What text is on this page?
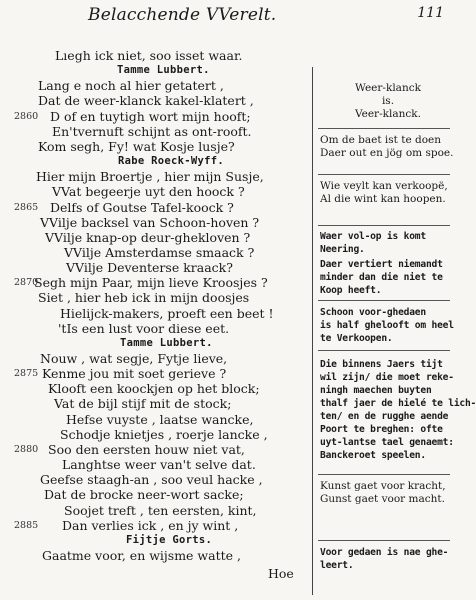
Belacchende VVerelt.	111
Lıegh ick niet, soo isset waar.
Tamme Lubbert.
Lang e noch al hier getatert ,
Dat de weer-klanck kakel-klatert ,
D of en tuytigh wort mijn hooft;
2860
En'tvernuft schijnt as ont-rooft.
Kom segh, Fy! wat Kosje lusje?
Rabe Roeck-Wyff.
Hier mijn Broertje , hier mijn Susje,
VVat begeerje uyt den hoock ?
Delfs of Goutse Tafel-koock ?
2865
VVilje backsel van Schoon-hoven ?
VVilje knap-op deur-ghekloven ?
VVilje Amsterdamse smaack ?
VVilje Deventerse kraack?
Segh mijn Paar, mijn lieve Kroosjes ?
2870
Siet , hier heb ick in mijn doosjes
Hielijck-makers, proeft een beet !
'tIs een lust voor diese eet.
Tamme Lubbert.
Nouw , wat segje, Fytje lieve,
Kenme jou mit soet gerieve ?
2875
Klooft een koockjen op het block;
Vat de bijl stijf mit de stock;
Hefse vuyste , laatse wancke,
Schodje knietjes , roerje lancke ,
Soo den eersten houw niet vat,
2880
Langhtse weer van't selve dat.
Geefse staagh-an , soo veul hacke ,
Dat de brocke neer-wort sacke;
Soojet treft , ten eersten, kint,
Dan verlies ick , en jy wint ,
2885
Fijtje Gorts.
Gaatme voor, en wijsme watte ,
Weer-klanck
is.
Veer-klanck.
Om de baet ist te doen
Daer out en jög om spoe.
Wie veylt kan verkoopë,
Al die wint kan hoopen.
Waer vol-op is komt
Neering.
Daer vertiert niemandt
minder dan die niet te
Koop heeft.
Schoon voor-ghedaen
is half ghelooft om heel
te Verkoopen.
Die binnens Jaers tijt
wil zijn/ die moet reke-
ningh maechen buyten
thalf jaer de hielé te lich-
ten/ en de rugghe aende
Poort te breghen: ofte
uyt-lantse tael genaemt:
Banckeroet speelen.
Kunst gaet voor kracht,
Gunst gaet voor macht.
Voor gedaen is nae ghe-
leert.
Hoe
